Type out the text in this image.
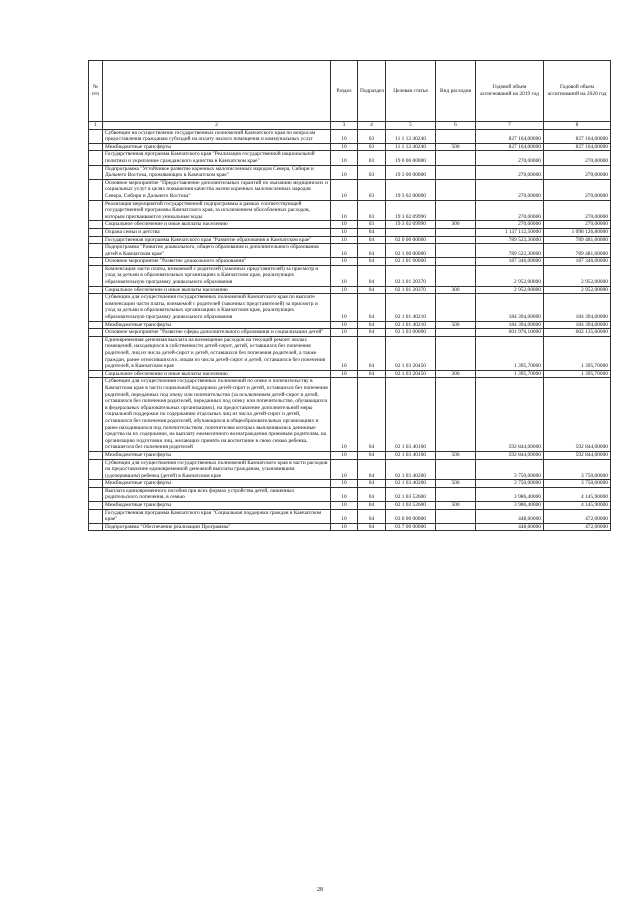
№ п/п		Раздел	Подраздел	Целевая статья	Вид расходов	Годовой объем ассигнований на 2019 год	Годовой объем ассигнований на 2020 год
1	2	3	4	5	6	7	8
	Субвенции на осуществление государственных полномочий Камчатского края по вопросам предоставления гражданам субсидий на оплату жилого помещения и коммунальных услуг	10	03	11 1 12 40240		827 164,00000	827 164,00000
	Межбюджетные трансферты	10	03	11 1 12 40240	500	827 164,00000	827 164,00000
	Государственная программа Камчатского края "Реализация государственной национальной политики и укрепление гражданского единства в Камчатском крае"	10	03	19 0 00 00000		270,00000	270,00000
	Подпрограмма "Устойчивое развитие коренных малочисленных народов Севера, Сибири и Дальнего Востока, проживающих в Камчатском крае"	10	03	19 3 00 00000		270,00000	270,00000
	Основное мероприятие "Предоставление дополнительных гарантий по оказанию медицинских и социальных услуг в целях повышения качества жизни коренных малочисленных народов Севера, Сибири и Дальнего Востока"	10	03	19 3 02 00000		270,00000	270,00000
	Реализация мероприятий государственной подпрограммы в рамках соответствующей государственной программы Камчатского края, за исключением обособленных расходов, которым присваиваются уникальные коды	10	03	19 3 02 09990		270,00000	270,00000
	Социальное обеспечение и иные выплаты населению	10	03	19 3 02 09990	300	270,00000	270,00000
	Охрана семьи и детства	10	04			1 137 112,50000	1 098 126,80000
	Государственная программа Камчатского края "Развитие образования в Камчатском крае"	10	04	02 0 00 00000		789 522,30000	789 481,60000
	Подпрограмма "Развитие дошкольного, общего образования и дополнительного образования детей в Камчатском крае"	10	04	02 1 00 00000		789 522,30000	789 481,60000
	Основное мероприятие "Развитие дошкольного образования"	10	04	02 1 01 00000		187 346,00000	187 346,00000
	Компенсация части платы, взимаемой с родителей (законных представителей) за присмотр и уход за детьми в образовательных организациях в Камчатском крае, реализующих образовательную программу дошкольного образования	10	04	02 1 01 20370		2 952,00000	2 952,00000
	Социальное обеспечение и иные выплаты населению	10	04	02 1 01 20370	300	2 952,00000	2 952,00000
	Субвенции для осуществления государственных полномочий Камчатского края по выплате компенсации части платы, взимаемой с родителей (законных представителей) за присмотр и уход за детьми в образовательных организациях в Камчатском крае, реализующих образовательную программу дошкольного образования	10	04	02 1 01 40210		184 394,00000	184 394,00000
	Межбюджетные трансферты	10	04	02 1 01 40210	500	184 394,00000	184 394,00000
	Основное мероприятие "Развитие сферы дополнительного образования и социализации детей"	10	04	02 1 03 00000		601 976,10000	602 135,60000
	Единовременная денежная выплата на возмещение расходов на текущий ремонт жилых помещений, находящихся в собственности детей-сирот, детей, оставшихся без попечения родителей, лиц из числа детей-сирот и детей, оставшихся без попечения родителей, а также граждан, ранее относившихся к лицам из числа детей-сирот и детей, оставшихся без попечения родителей, в Камчатском крае	10	04	02 1 03 20450		1 395,70000	1 395,70000
	Социальное обеспечение и иные выплаты населению	10	04	02 1 03 20450	300	1 395,70000	1 395,70000
	Субвенции для осуществления государственных полномочий по опеке и попечительству в Камчатском крае в части социальной поддержки детей-сирот и детей, оставшихся без попечения родителей, переданных под опеку или попечительство (за исключением детей-сирот и детей, оставшихся без попечения родителей, переданных под опеку или попечительство, обучающихся в федеральных образовательных организациях), на предоставление дополнительной меры социальной поддержки по содержанию отдельных лиц из числа детей-сирот и детей, оставшихся без попечения родителей, обучающихся в общеобразовательных организациях и ранее находившихся под попечительством, попечителям которых выплачивались денежные средства на их содержание, на выплату ежемесячного вознаграждения приемным родителям, на организацию подготовки лиц, желающих принять на воспитание в свою семью ребенка, оставшегося без попечения родителей	10	04	02 1 03 40160		592 844,00000	592 844,00000
	Межбюджетные трансферты	10	04	02 1 03 40160	500	592 844,00000	592 844,00000
	Субвенции для осуществления государственных полномочий Камчатского края в части расходов на предоставление единовременной денежной выплаты гражданам, усыновившим (удочерившим) ребенка (детей) в Камчатском крае	10	04	02 1 03 40200		3 750,00000	3 750,00000
	Межбюджетные трансферты	10	04	02 1 03 40200	500	3 750,00000	3 750,00000
	Выплата единовременного пособия при всех формах устройства детей, лишенных родительского попечения, в семью	10	04	02 1 03 52600		3 986,40000	4 145,90000
	Межбюджетные трансферты	10	04	02 1 03 52600	500	3 986,40000	4 145,90000
	Государственная программа Камчатского края "Социальная поддержка граждан в Камчатском крае"	10	04	03 0 00 00000		448,60000	472,00000
	Подпрограмма "Обеспечение реализации Программы"	10	04	03 7 00 00000		448,60000	472,00000
28
